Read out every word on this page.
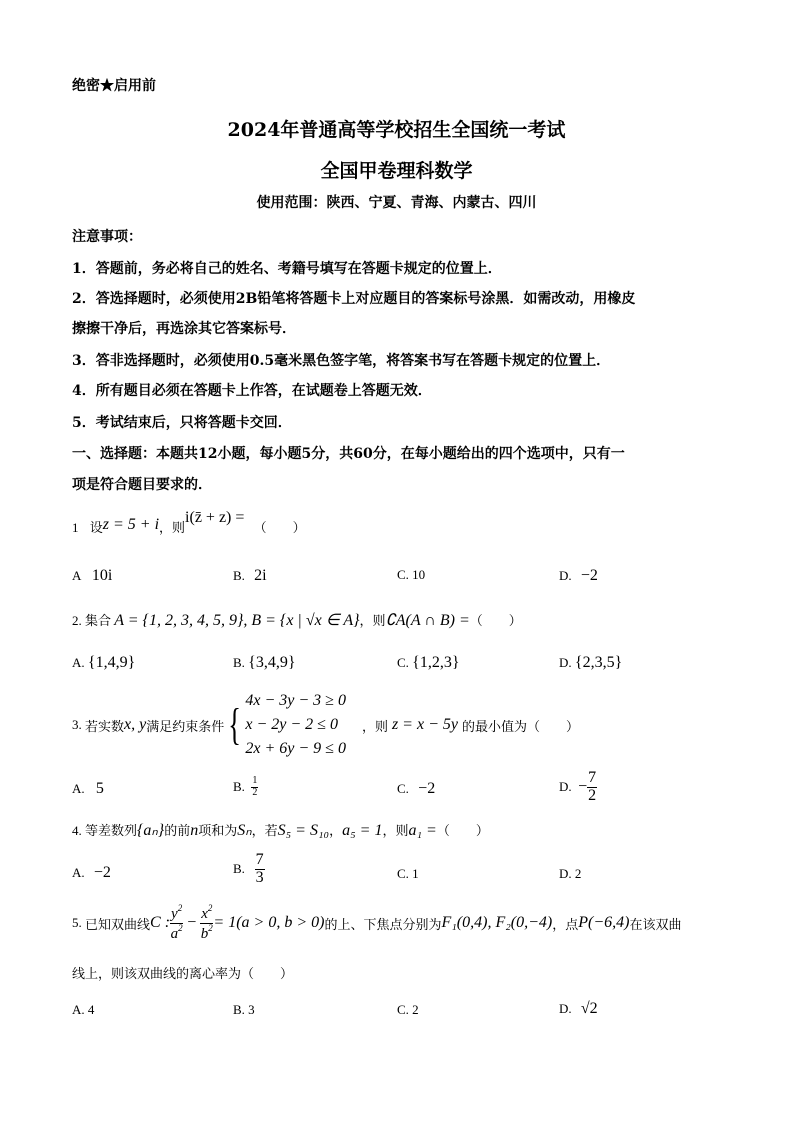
绝密★启用前
2024年普通高等学校招生全国统一考试
全国甲卷理科数学
使用范围：陕西、宁夏、青海、内蒙古、四川
注意事项：
1．答题前，务必将自己的姓名、考籍号填写在答题卡规定的位置上．
2．答选择题时，必须使用2B铅笔将答题卡上对应题目的答案标号涂黑．如需改动，用橡皮
擦擦干净后，再选涂其它答案标号．
3．答非选择题时，必须使用0.5毫米黑色签字笔，将答案书写在答题卡规定的位置上．
4．所有题目必须在答题卡上作答，在试题卷上答题无效．
5．考试结束后，只将答题卡交回．
一、选择题：本题共12小题，每小题5分，共60分，在每小题给出的四个选项中，只有一
项是符合题目要求的．
1 设z = 5 + i，则i(z̄ + z) = （　　）
A 10i	B. 2i	C. 10	D. −2
2. 集合 A = {1, 2, 3, 4, 5, 9}, B = {x | √x ∈ A}，则∁A(A ∩ B) =（　　）
A. {1,4,9}	B. {3,4,9}	C. {1,2,3}	D. {2,3,5}
3.
若实数 x, y 满足约束条件 { 4x − 3y − 3 ≥ 0
x − 2y − 2 ≤ 0
2x + 6y − 9 ≤ 0
，则 z = x − 5y 的最小值为 （　　）
A. 5	B.
$\frac{1}{2}$	C. −2	D.
− $\frac{7}{2}$
4. 等差数列{aₙ}的前n项和为Sₙ，若S₅ = S₁₀，a₅ = 1，则a₁ =（　　）
A. −2	B.
$\frac{7}{3}$	C. 1	D. 2
5.
已知双曲线 C : $\frac{y^2}{a^2} - \frac{x^2}{b^2} = 1(a > 0$, b > 0) 的上、下焦点分别为 F₁(0,4), F₂(0,−4) ，点 P(−6,4) 在该双曲
线上，则该双曲线的离心率为（　　）
A. 4	B. 3	C. 2	D. √2
